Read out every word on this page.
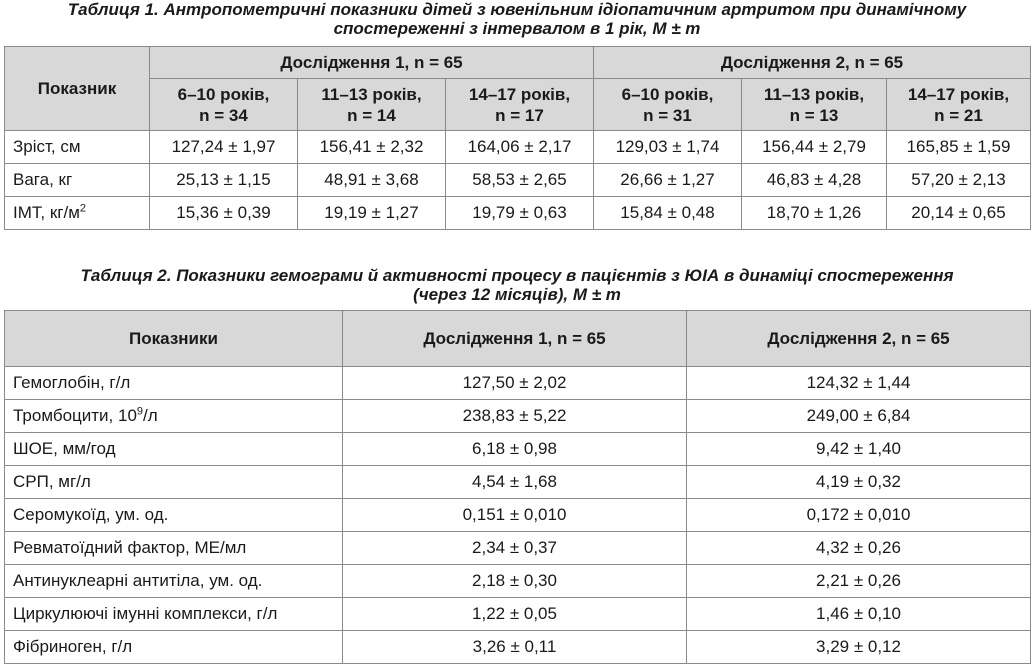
Таблиця 1. Антропометричні показники дітей з ювенільним ідіопатичним артритом при динамічному
спостереженні з інтервалом в 1 рік, M ± m
Показник	Дослідження 1, n = 65			Дослідження 2, n = 65		

	6–10 років,
n = 34	11–13 років,
n = 14	14–17 років,
n = 17	6–10 років,
n = 31	11–13 років,
n = 13	14–17 років,
n = 21

Зріст, см	127,24 ± 1,97	156,41 ± 2,32	164,06 ± 2,17	129,03 ± 1,74	156,44 ± 2,79	165,85 ± 1,59
Вага, кг	25,13 ± 1,15	48,91 ± 3,68	58,53 ± 2,65	26,66 ± 1,27	46,83 ± 4,28	57,20 ± 2,13
ІМТ, $кг/м^2$	15,36 ± 0,39	19,19 ± 1,27	19,79 ± 0,63	15,84 ± 0,48	18,70 ± 1,26	20,14 ± 0,65
Таблиця 2. Показники гемограми й активності процесу в пацієнтів з ЮІА в динаміці спостереження
(через 12 місяців), M ± m
Показники	Дослідження 1, n = 65	Дослідження 2, n = 65
Гемоглобін, г/л	127,50 ± 2,02	124,32 ± 1,44
Тромбоцити, $10^9/л$	238,83 ± 5,22	249,00 ± 6,84
ШОЕ, мм/год	6,18 ± 0,98	9,42 ± 1,40
СРП, мг/л	4,54 ± 1,68	4,19 ± 0,32
Серомукоїд, ум. од.	0,151 ± 0,010	0,172 ± 0,010
Ревматоїдний фактор, МЕ/мл	2,34 ± 0,37	4,32 ± 0,26
Антинуклеарні антитіла, ум. од.	2,18 ± 0,30	2,21 ± 0,26
Циркулюючі імунні комплекси, г/л	1,22 ± 0,05	1,46 ± 0,10
Фібриноген, г/л	3,26 ± 0,11	3,29 ± 0,12
